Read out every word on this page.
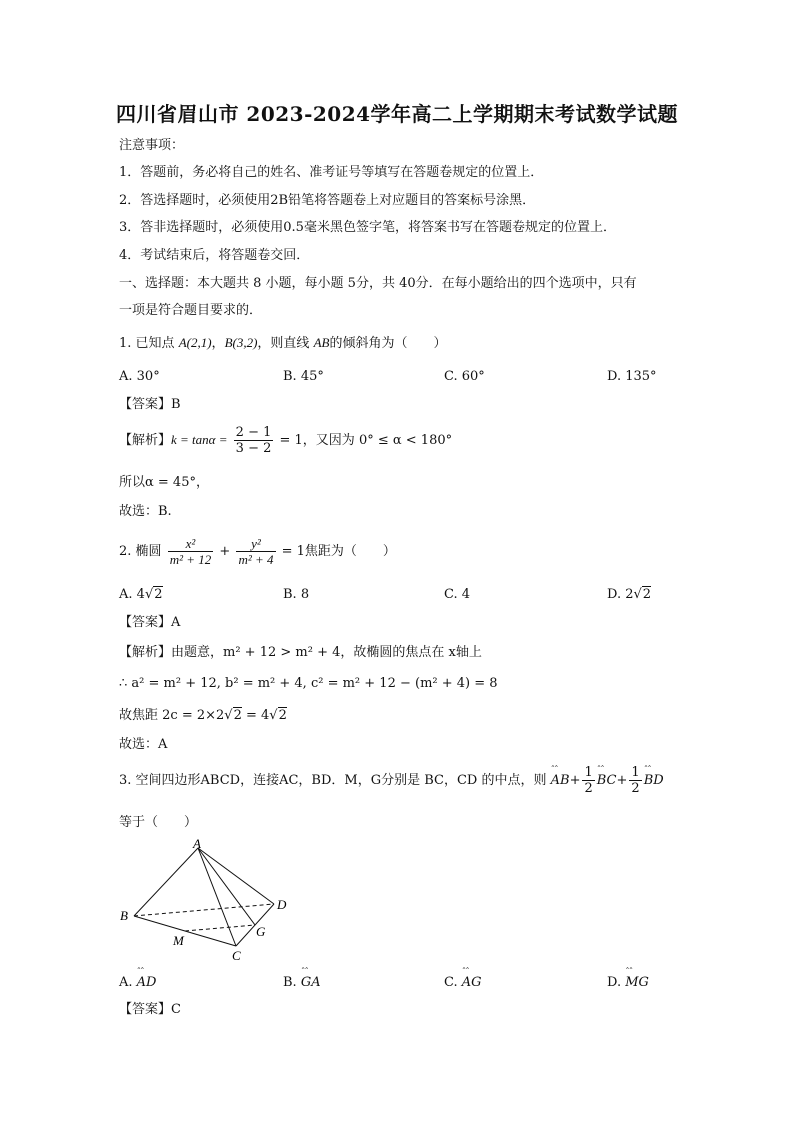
四川省眉山市 2023-2024学年高二上学期期末考试数学试题
注意事项：
1．答题前，务必将自己的姓名、准考证号等填写在答题卷规定的位置上．
2．答选择题时，必须使用2B铅笔将答题卷上对应题目的答案标号涂黑．
3．答非选择题时，必须使用0.5毫米黑色签字笔，将答案书写在答题卷规定的位置上．
4．考试结束后，将答题卷交回．
一、选择题：本大题共 8 小题，每小题 5分，共 40分．在每小题给出的四个选项中，只有
一项是符合题目要求的．
1. 已知点 A(2,1)，B(3,2)，则直线 AB的倾斜角为（　　）
A. 30°	B. 45°	C. 60°	D. 135°
【答案】B
【解析】$k = \tan\alpha = \frac{2 - 1}{3 - 2} = 1$，又因为 0° ≤ α < 180°
所以α = 45°，
故选：B.
2. 椭圆 $\frac{\text{x²}}{\text{m² + 12}} + \frac{\text{y²}}{\text{m² + 4}} = 1$焦距为（　　）
A. 4√2	B. 8	C. 4	D. 2√2
【答案】A
【解析】由题意，m² + 12 > m² + 4，故椭圆的焦点在 x轴上
∴ a² = m² + 12, b² = m² + 4, c² = m² + 12 − (m² + 4) = 8
故焦距 2c = 2×2√2 = 4√2
故选：A
3. 空间四边形ABCD，连接AC，BD．M，G分别是 BC，CD 的中点，则 ˆˆ $AB+ \frac{1}{2}$ ˆˆ $BC+ \frac{1}{2}$ ˆˆ BD
等于（　　）
A
B
C
D
M
G
A. ˆˆ AD	B. ˆˆ GA	C. ˆˆ AG	D. ˆˆ MG
【答案】C
